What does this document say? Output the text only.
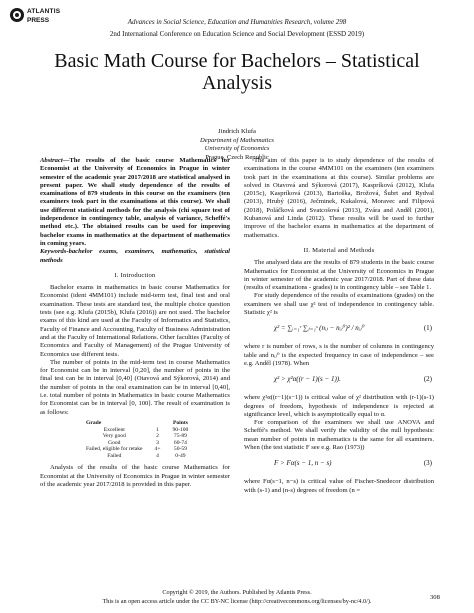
ATLANTIS
PRESS	Advances in Social Science, Education and Humanities Research, volume 298
2nd International Conference on Education Science and Social Development (ESSD 2019)
Basic Math Course for Bachelors – Statistical Analysis
Jindrich Klufa
Department of Mathematics
University of Economics
Prague, Czech Republic

Abstract—The results of the basic course Mathematics for Economist at the University of Economics in Prague in winter semester of the academic year 2017/2018 are statistical analysed in present paper. We shall study dependence of the results of examinations of 879 students in this course on the examiners (ten examiners took part in the examinations at this course). We shall use different statistical methods for the analysis (chi square test of independence in contingency table, analysis of variance, Scheffé's method etc.). The obtained results can be used for improving bachelor exams in mathematics at the department of mathematics in coming years.

Keywords-bachelor exams, examiners, mathematics, statistical methods

I. Introduction

Bachelor exams in mathematics in basic course Mathematics for Economist (ident 4MM101) include mid-term test, final test and oral examination. These tests are standard test, the multiple choice question tests (see e.g. Klufa (2015b), Klufa (2016)) are not used. The bachelor exams of this kind are used at the Faculty of Informatics and Statistics, Faculty of Finance and Accounting, Faculty of Business Administration and at the Faculty of International Relations. Other faculties (Faculty of Economics and Faculty of Management) of the Prague University of Economics use different tests.

The number of points in the mid-term test in course Mathematics for Economist can be in interval [0,20], the number of points in the final test can be in interval [0,40] (Otavová and Sýkorová, 2014) and the number of points in the oral examination can be in interval [0,40], i.e. total number of points in Mathematics in basic course Mathematics for Economist can be in interval [0, 100]. The result of examination is as follows:

Grade		Points
Excellent	1	90-100
Very good	2	75-89
Good	3	60-74
Failed, eligible for retake	4+	50-59
Failed	4	0-49

Analysis of the results of the basic course Mathematics for Economist at the University of Economics in Prague in winter semester of the academic year 2017/2018 is provided in this paper.

The aim of this paper is to study dependence of the results of examinations in the course 4MM101 on the examiners (ten examiners took part in the examinations at this course). Similar problems are solved in Otavová and Sýkorová (2017), Kaspríková (2012), Klufa (2015c), Kaspríková (2013), Bartoška, Brožová, Šubrt and Rydval (2013), Hrubý (2016), Ječminek, Kukalová, Moravec and Filipová (2018), Poláčková and Svatcošová (2013), Zvára and Anděl (2001), Kubanová and Linda (2012). These results will be used to further improve of the bachelor exams in mathematics at the department of mathematics.

II. Material and Methods

The analysed data are the results of 879 students in the basic course Mathematics for Economist at the University of Economics in Prague in winter semester of the academic year 2017/2018. Part of these data (results of examinations - grades) is in contingency table – see Table 1.

For study dependence of the results of examinations (grades) on the examiners we shall use χ² test of independence in contingency table. Statistic χ² is

χ² = ∑ᵢ₌₁ʳ ∑ⱼ₌₁ˢ (nᵢⱼ − nᵢⱼ⁰)² / nᵢⱼ⁰	(1)

where r is number of rows, s is the number of columns in contingency table and nᵢⱼ⁰ is the expected frequency in case of independence – see e.g. Anděl (1978). When

χ² > χ²α((r − 1)(s − 1)).	(2)

where χ²α((r−1)(s−1)) is critical value of χ² distribution with (r-1)(s-1) degrees of freedom, hypothesis of independence is rejected at significance level, which is asymptotically equal to α.

For comparison of the examiners we shall use ANOVA and Scheffé's method. We shall verify the validity of the null hypothesis: mean number of points in mathematics is the same for all examiners. When (the test statistic F see e.g. Rao (1973))

F > Fα(s − 1, n − s)	(3)

where Fα(s−1, n−s) is critical value of Fischer-Snedecor distribution with (s-1) and (n-s) degrees of freedom (n =

Copyright © 2019, the Authors. Published by Atlantis Press.
This is an open access article under the CC BY-NC license (http://creativecommons.org/licenses/by-nc/4.0/).
308
